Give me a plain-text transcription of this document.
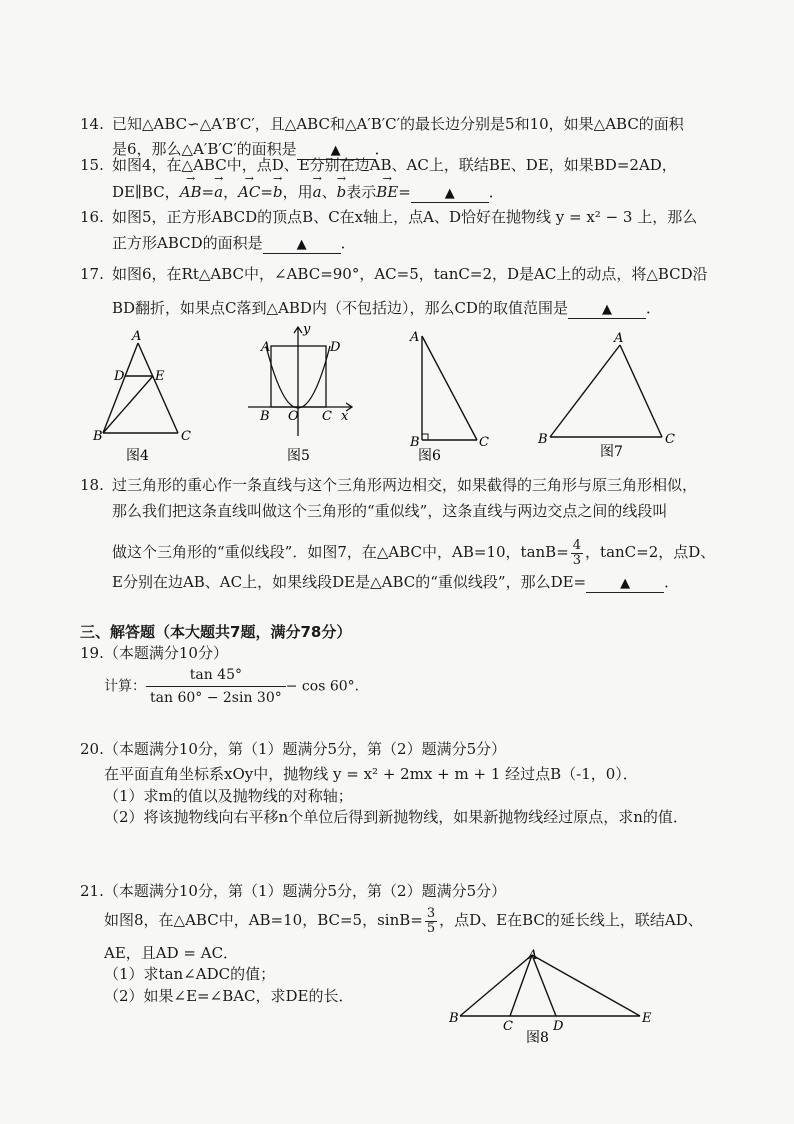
14. 已知△ABC∽△A′B′C′，且△ABC和△A′B′C′的最长边分别是5和10，如果△ABC的面积
是6，那么△A′B′C′的面积是	▲ ．
15. 如图4，在△ABC中，点D、E分别在边AB、AC上，联结BE、DE，如果BD=2AD，
DE∥BC，→ AB=→ a，→ AC=→ b，用→ a、→ b表示→ BE=	▲ ．
16. 如图5，正方形ABCD的顶点B、C在x轴上，点A、D恰好在抛物线 y = x² − 3 上，那么
正方形ABCD的面积是	▲ ．
17. 如图6，在Rt△ABC中，∠ABC=90°，AC=5，tanC=2，D是AC上的动点，将△BCD沿
BD翻折，如果点C落到△ABD内（不包括边），那么CD的取值范围是	▲ ．
A
D E
B	C
图4
A	D
y
B O C x
图5
A
B	C
图6
A
B	C
图7
18. 过三角形的重心作一条直线与这个三角形两边相交，如果截得的三角形与原三角形相似，
那么我们把这条直线叫做这个三角形的“重似线”，这条直线与两边交点之间的线段叫
做这个三角形的“重似线段”．如图7，在△ABC中，AB=10，$\tan B= \frac{4}{3}$ ，tanC=2，点D、
E分别在边AB、AC上，如果线段DE是△ABC的“重似线段”，那么DE=	▲ ．
三、解答题（本大题共7题，满分78分）
19.（本题满分10分）
计算： $\frac{\tan 45^\circ}{\tan 60^\circ - 2\sin 30^\circ} - \cos 60^\circ$．
20.（本题满分10分，第（1）题满分5分，第（2）题满分5分）
在平面直角坐标系xOy中，抛物线 y = x² + 2mx + m + 1 经过点B（-1，0）．
（1）求m的值以及抛物线的对称轴；
（2）将该抛物线向右平移n个单位后得到新抛物线，如果新抛物线经过原点，求n的值．
21.（本题满分10分，第（1）题满分5分，第（2）题满分5分）
如图8，在△ABC中，AB=10，BC=5，$\sin B= \frac{3}{5}$ ，点D、E在BC的延长线上，联结AD、
AE，且AD = AC．
（1）求tan∠ADC的值；
（2）如果∠E=∠BAC，求DE的长．
A
B
C	D
E
图8
